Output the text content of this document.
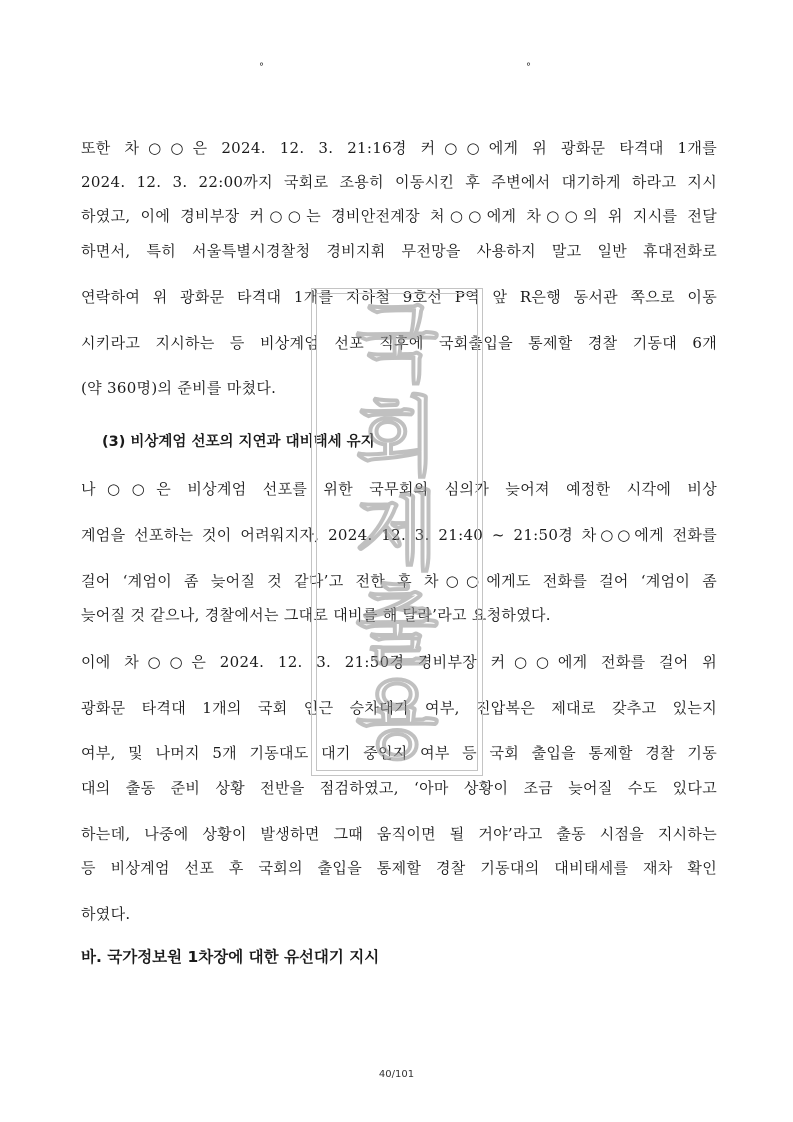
°	°
또한 차○○은 2024. 12. 3. 21:16경 커○○에게 위 광화문 타격대 1개를
2024. 12. 3. 22:00까지 국회로 조용히 이동시킨 후 주변에서 대기하게 하라고 지시
하였고, 이에 경비부장 커○○는 경비안전계장 처○○에게 차○○의 위 지시를 전달
하면서, 특히 서울특별시경찰청 경비지휘 무전망을 사용하지 말고 일반 휴대전화로
연락하여 위 광화문 타격대 1개를 지하철 9호선 P역 앞 R은행 동서관 쪽으로 이동
시키라고 지시하는 등 비상계엄 선포 직후에 국회출입을 통제할 경찰 기동대 6개
(약 360명)의 준비를 마쳤다.
(3) 비상계엄 선포의 지연과 대비태세 유지
나○○은 비상계엄 선포를 위한 국무회의 심의가 늦어져 예정한 시각에 비상
계엄을 선포하는 것이 어려워지자, 2024. 12. 3. 21:40 ~ 21:50경 차○○에게 전화를
걸어 ‘계엄이 좀 늦어질 것 같다’고 전한 후 차○○에게도 전화를 걸어 ‘계엄이 좀
늦어질 것 같으나, 경찰에서는 그대로 대비를 해 달라’라고 요청하였다.
이에 차○○은 2024. 12. 3. 21:50경 경비부장 커○○에게 전화를 걸어 위
광화문 타격대 1개의 국회 인근 승차대기 여부, 진압복은 제대로 갖추고 있는지
여부, 및 나머지 5개 기동대도 대기 중인지 여부 등 국회 출입을 통제할 경찰 기동
대의 출동 준비 상황 전반을 점검하였고, ‘아마 상황이 조금 늦어질 수도 있다고
하는데, 나중에 상황이 발생하면 그때 움직이면 될 거야’라고 출동 시점을 지시하는
등 비상계엄 선포 후 국회의 출입을 통제할 경찰 기동대의 대비태세를 재차 확인
하였다.
바. 국가정보원 1차장에 대한 유선대기 지시
국
회
제
출
용
40/101
